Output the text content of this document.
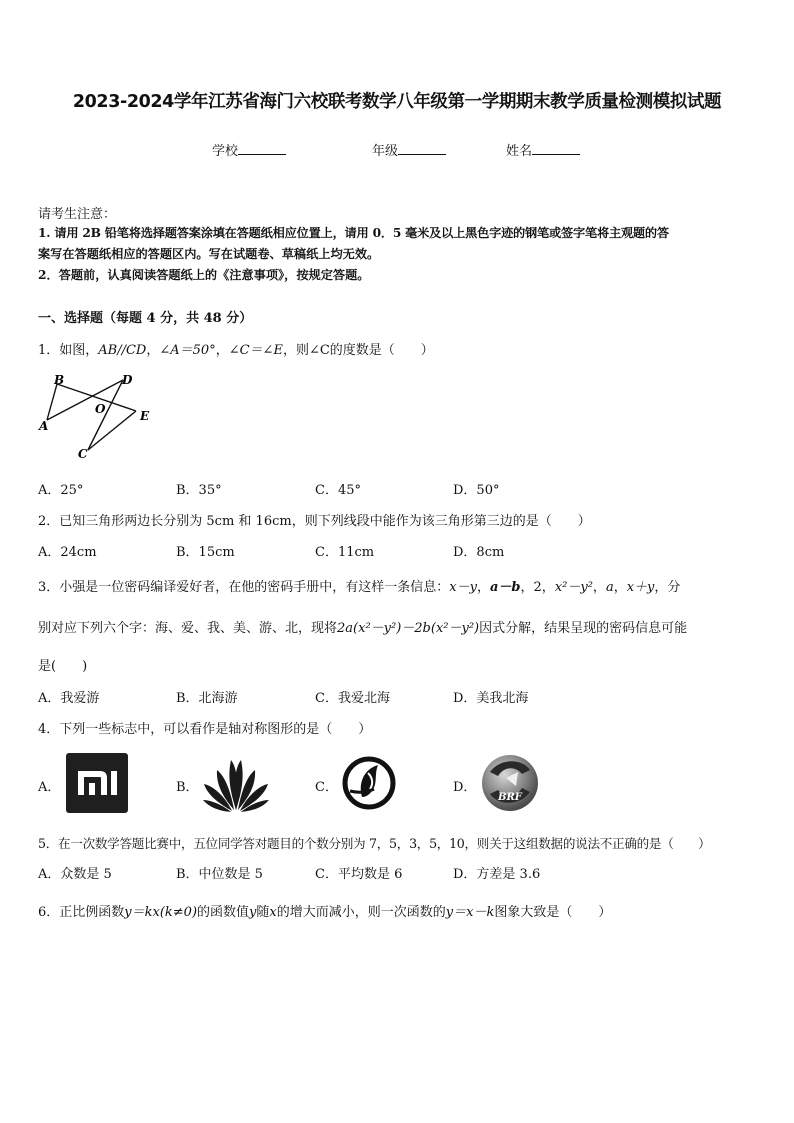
2023-2024学年江苏省海门六校联考数学八年级第一学期期末教学质量检测模拟试题
学校	年级	姓名
请考生注意：
1. 请用 2B 铅笔将选择题答案涂填在答题纸相应位置上，请用 0．5 毫米及以上黑色字迹的钢笔或签字笔将主观题的答
案写在答题纸相应的答题区内。写在试题卷、草稿纸上均无效。
2．答题前，认真阅读答题纸上的《注意事项》，按规定答题。
一、选择题（每题 4 分，共 48 分）
1．如图，AB//CD，∠A＝50°，∠C＝∠E，则∠C的度数是（　　）
B	D
O	E
A
C
A．25°	B．35°	C．45°	D．50°
2．已知三角形两边长分别为 5cm 和 16cm，则下列线段中能作为该三角形第三边的是（　　）
A．24cm	B．15cm	C．11cm	D．8cm
3．小强是一位密码编译爱好者，在他的密码手册中，有这样一条信息：x－y，a－b，2，x²－y²，a，x＋y，分
别对应下列六个字：海、爱、我、美、游、北，现将2a(x²－y²)－2b(x²－y²)因式分解，结果呈现的密码信息可能
是(　　)
A．我爱游	B．北海游	C．我爱北海	D．美我北海
4．下列一些标志中，可以看作是轴对称图形的是（　　）
A．	B．	C．	D．
BRF
5．在一次数学答题比赛中，五位同学答对题目的个数分别为 7，5，3，5，10，则关于这组数据的说法不正确的是（　　）
A．众数是 5	B．中位数是 5	C．平均数是 6	D．方差是 3.6
6．正比例函数y＝kx(k≠0)的函数值y随x的增大而减小，则一次函数的y＝x－k图象大致是（　　）
